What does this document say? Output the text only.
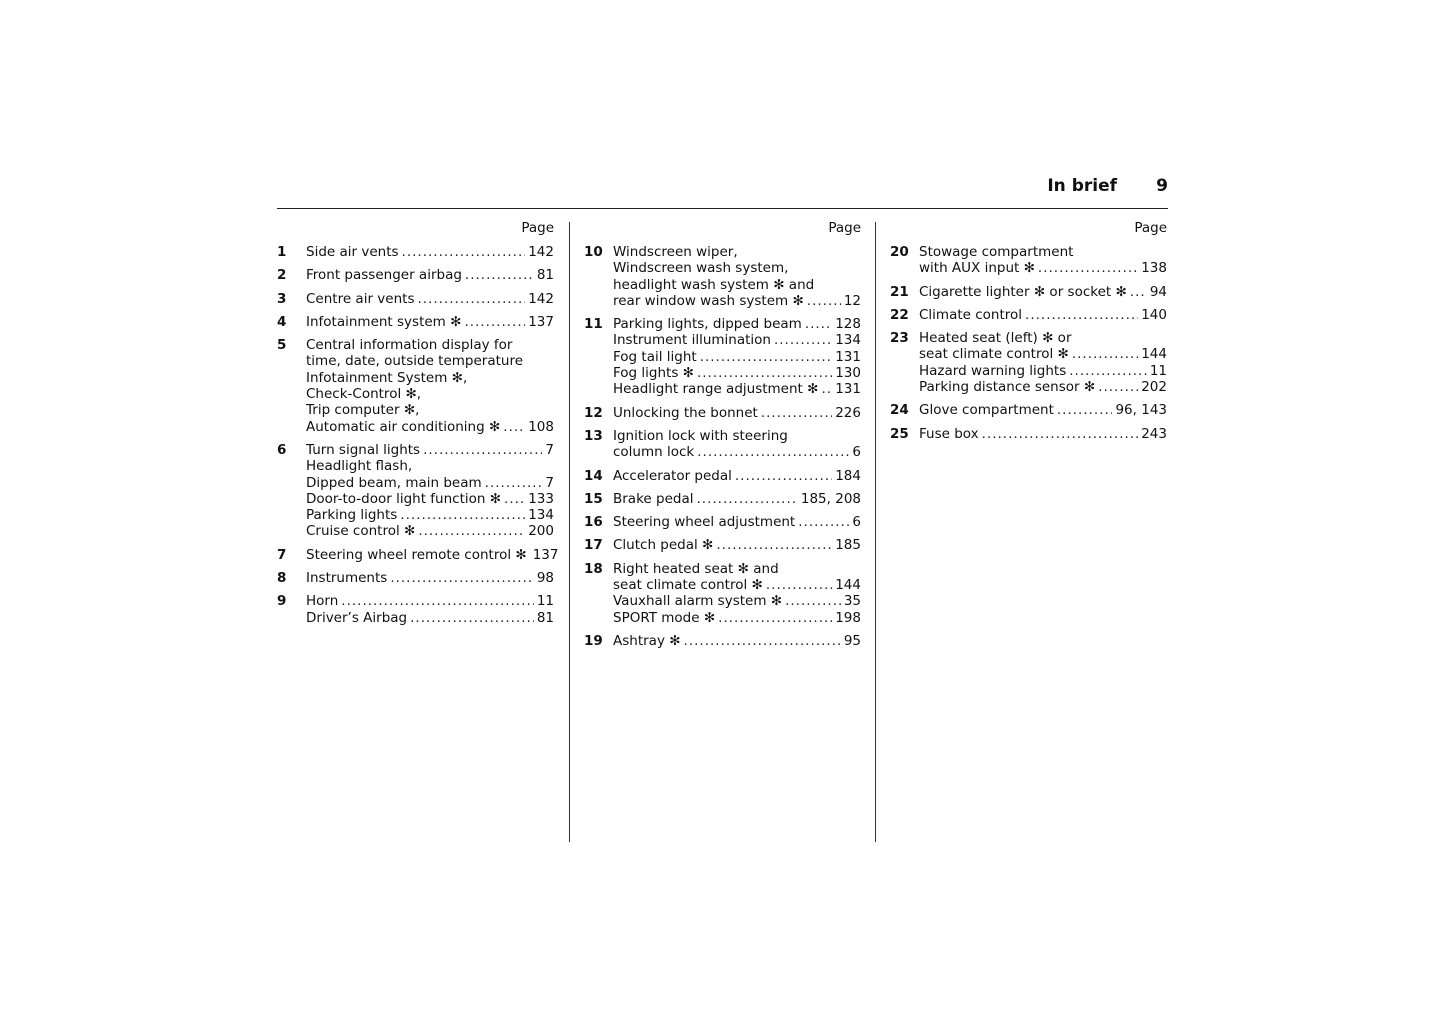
In brief 9
Page
1	Side air vents .....	142
2	Front passenger airbag .....	81
3	Centre air vents .....	142
4	Infotainment system ✻ .....	137
5	Central information display for
time, date, outside temperature
Infotainment System ✻,
Check-Control ✻,
Trip computer ✻,
Automatic air conditioning ✻ ..... 108
6	Turn signal lights .....	7
Headlight flash,
Dipped beam, main beam .....	7
Door-to-door light function ✻ ..... 133
Parking lights .....	134
Cruise control ✻ .....	200
7	Steering wheel remote control ✻ 137
8	Instruments .....	98
9	Horn .....	11
Driver’s Airbag .....	81
Page
10 Windscreen wiper,
Windscreen wash system,
headlight wash system ✻ and
rear window wash system ✻ .....	12
11 Parking lights, dipped beam ..... 128
Instrument illumination .....	134
Fog tail light .....	131
Fog lights ✻ .....	130
Headlight range adjustment ✻ ..... 131
12 Unlocking the bonnet .....	226
13 Ignition lock with steering
column lock .....	6
14 Accelerator pedal .....	184
15 Brake pedal .....	185, 208
16 Steering wheel adjustment .....	6
17 Clutch pedal ✻ .....	185
18 Right heated seat ✻ and
seat climate control ✻ .....	144
Vauxhall alarm system ✻ .....	35
SPORT mode ✻ .....	198
19 Ashtray ✻ .....	95
Page
20 Stowage compartment
with AUX input ✻ .....	138
21 Cigarette lighter ✻ or socket ✻ ..... 94
22 Climate control .....	140
23 Heated seat (left) ✻ or
seat climate control ✻ .....	144
Hazard warning lights .....	11
Parking distance sensor ✻ .....	202
24 Glove compartment .....	96, 143
25 Fuse box .....	243
